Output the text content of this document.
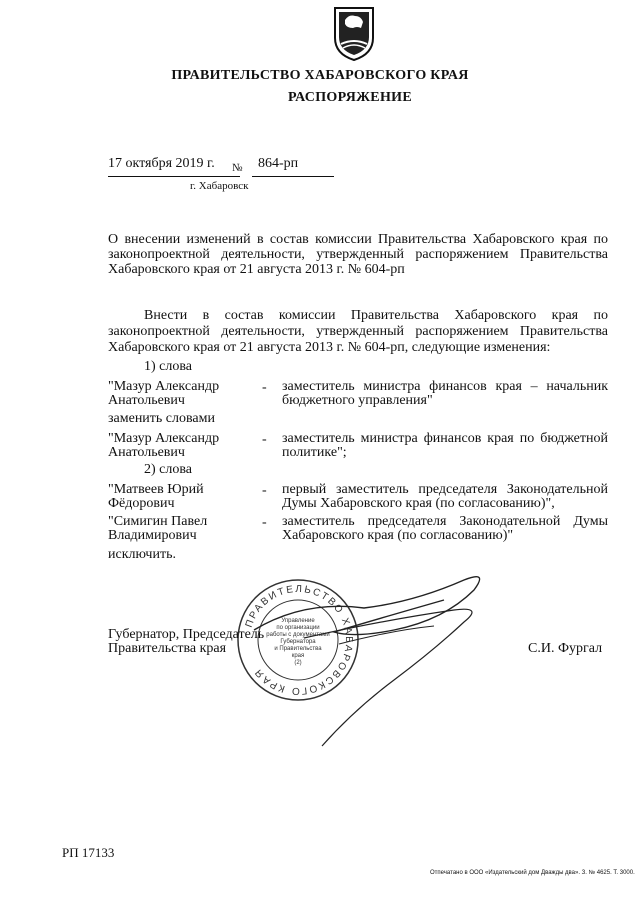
ПРАВИТЕЛЬСТВО ХАБАРОВСКОГО КРАЯ
РАСПОРЯЖЕНИЕ
17 октября 2019 г. № 864-рп
г. Хабаровск
О внесении изменений в состав комиссии Правительства Хабаровского края по законопроектной деятельности, утвержденный распоряжением Правительства Хабаровского края от 21 августа 2013 г. № 604-рп
Внести в состав комиссии Правительства Хабаровского края по законопроектной деятельности, утвержденный распоряжением Правительства Хабаровского края от 21 августа 2013 г. № 604-рп, следующие изменения:
1) слова
"Мазур Александр
Анатольевич
- заместитель министра финансов края – начальник бюджетного управления"
заменить словами
"Мазур Александр
Анатольевич
- заместитель министра финансов края по бюджетной политике";
2) слова
"Матвеев Юрий
Фёдорович
- первый заместитель председателя Законодательной Думы Хабаровского края (по согласованию)",
"Симигин Павел
Владимирович
- заместитель председателя Законодательной Думы Хабаровского края (по согласованию)"
исключить.
ПРАВИТЕЛЬСТВО ХАБАРОВСКОГО КРАЯ
Управление
по организации
работы с документами
Губернатора
и Правительства
края
(2)
Губернатор, Председатель
Правительства края	С.И. Фургал
РП 17133
Отпечатано в ООО «Издательский дом Дважды два». З. № 4625. Т. 3000.
